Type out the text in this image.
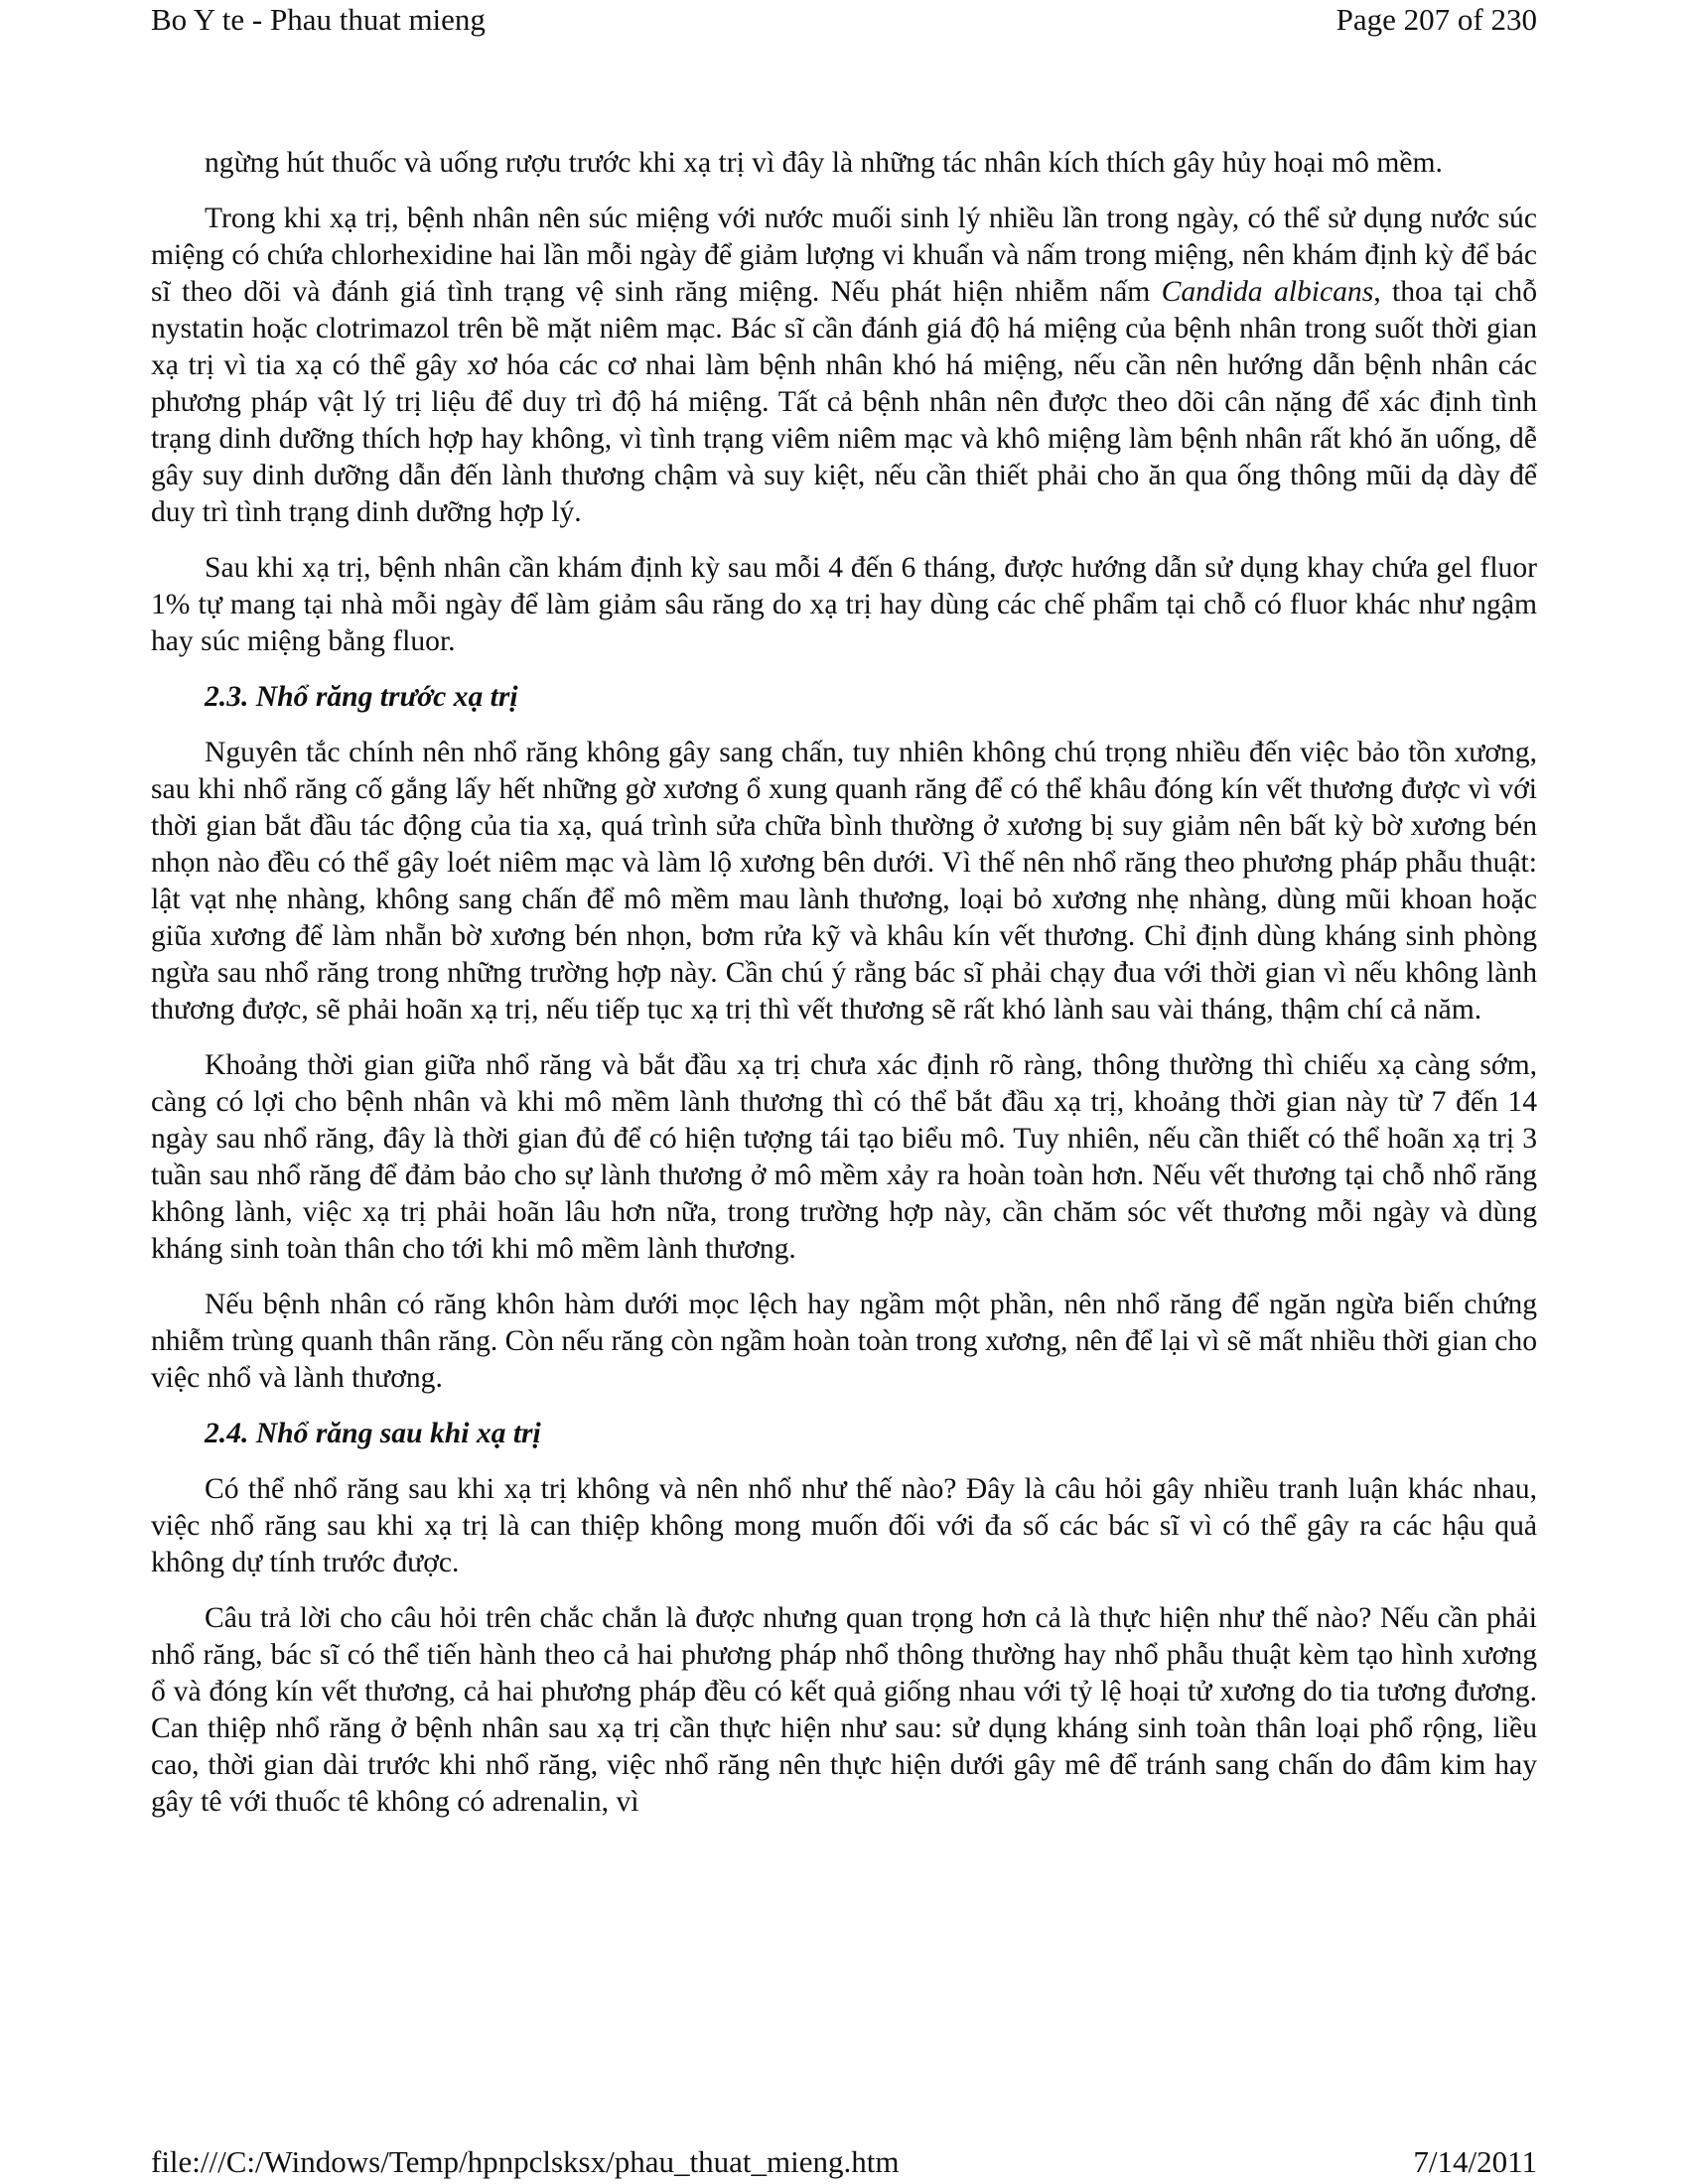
Bo Y te - Phau thuat mieng	Page 207 of 230

ngừng hút thuốc và uống rượu trước khi xạ trị vì đây là những tác nhân kích thích gây hủy hoại mô mềm.

Trong khi xạ trị, bệnh nhân nên súc miệng với nước muối sinh lý nhiều lần trong ngày, có thể sử dụng nước súc miệng có chứa chlorhexidine hai lần mỗi ngày để giảm lượng vi khuẩn và nấm trong miệng, nên khám định kỳ để bác sĩ theo dõi và đánh giá tình trạng vệ sinh răng miệng. Nếu phát hiện nhiễm nấm Candida albicans, thoa tại chỗ nystatin hoặc clotrimazol trên bề mặt niêm mạc. Bác sĩ cần đánh giá độ há miệng của bệnh nhân trong suốt thời gian xạ trị vì tia xạ có thể gây xơ hóa các cơ nhai làm bệnh nhân khó há miệng, nếu cần nên hướng dẫn bệnh nhân các phương pháp vật lý trị liệu để duy trì độ há miệng. Tất cả bệnh nhân nên được theo dõi cân nặng để xác định tình trạng dinh dưỡng thích hợp hay không, vì tình trạng viêm niêm mạc và khô miệng làm bệnh nhân rất khó ăn uống, dễ gây suy dinh dưỡng dẫn đến lành thương chậm và suy kiệt, nếu cần thiết phải cho ăn qua ống thông mũi dạ dày để duy trì tình trạng dinh dưỡng hợp lý.

Sau khi xạ trị, bệnh nhân cần khám định kỳ sau mỗi 4 đến 6 tháng, được hướng dẫn sử dụng khay chứa gel fluor 1% tự mang tại nhà mỗi ngày để làm giảm sâu răng do xạ trị hay dùng các chế phẩm tại chỗ có fluor khác như ngậm hay súc miệng bằng fluor.

2.3. Nhổ răng trước xạ trị

Nguyên tắc chính nên nhổ răng không gây sang chấn, tuy nhiên không chú trọng nhiều đến việc bảo tồn xương, sau khi nhổ răng cố gắng lấy hết những gờ xương ổ xung quanh răng để có thể khâu đóng kín vết thương được vì với thời gian bắt đầu tác động của tia xạ, quá trình sửa chữa bình thường ở xương bị suy giảm nên bất kỳ bờ xương bén nhọn nào đều có thể gây loét niêm mạc và làm lộ xương bên dưới. Vì thế nên nhổ răng theo phương pháp phẫu thuật: lật vạt nhẹ nhàng, không sang chấn để mô mềm mau lành thương, loại bỏ xương nhẹ nhàng, dùng mũi khoan hoặc giũa xương để làm nhẵn bờ xương bén nhọn, bơm rửa kỹ và khâu kín vết thương. Chỉ định dùng kháng sinh phòng ngừa sau nhổ răng trong những trường hợp này. Cần chú ý rằng bác sĩ phải chạy đua với thời gian vì nếu không lành thương được, sẽ phải hoãn xạ trị, nếu tiếp tục xạ trị thì vết thương sẽ rất khó lành sau vài tháng, thậm chí cả năm.

Khoảng thời gian giữa nhổ răng và bắt đầu xạ trị chưa xác định rõ ràng, thông thường thì chiếu xạ càng sớm, càng có lợi cho bệnh nhân và khi mô mềm lành thương thì có thể bắt đầu xạ trị, khoảng thời gian này từ 7 đến 14 ngày sau nhổ răng, đây là thời gian đủ để có hiện tượng tái tạo biểu mô. Tuy nhiên, nếu cần thiết có thể hoãn xạ trị 3 tuần sau nhổ răng để đảm bảo cho sự lành thương ở mô mềm xảy ra hoàn toàn hơn. Nếu vết thương tại chỗ nhổ răng không lành, việc xạ trị phải hoãn lâu hơn nữa, trong trường hợp này, cần chăm sóc vết thương mỗi ngày và dùng kháng sinh toàn thân cho tới khi mô mềm lành thương.

Nếu bệnh nhân có răng khôn hàm dưới mọc lệch hay ngầm một phần, nên nhổ răng để ngăn ngừa biến chứng nhiễm trùng quanh thân răng. Còn nếu răng còn ngầm hoàn toàn trong xương, nên để lại vì sẽ mất nhiều thời gian cho việc nhổ và lành thương.

2.4. Nhổ răng sau khi xạ trị

Có thể nhổ răng sau khi xạ trị không và nên nhổ như thế nào? Đây là câu hỏi gây nhiều tranh luận khác nhau, việc nhổ răng sau khi xạ trị là can thiệp không mong muốn đối với đa số các bác sĩ vì có thể gây ra các hậu quả không dự tính trước được.

Câu trả lời cho câu hỏi trên chắc chắn là được nhưng quan trọng hơn cả là thực hiện như thế nào? Nếu cần phải nhổ răng, bác sĩ có thể tiến hành theo cả hai phương pháp nhổ thông thường hay nhổ phẫu thuật kèm tạo hình xương ổ và đóng kín vết thương, cả hai phương pháp đều có kết quả giống nhau với tỷ lệ hoại tử xương do tia tương đương. Can thiệp nhổ răng ở bệnh nhân sau xạ trị cần thực hiện như sau: sử dụng kháng sinh toàn thân loại phổ rộng, liều cao, thời gian dài trước khi nhổ răng, việc nhổ răng nên thực hiện dưới gây mê để tránh sang chấn do đâm kim hay gây tê với thuốc tê không có adrenalin, vì

file:///C:/Windows/Temp/hpnpclsksx/phau_thuat_mieng.htm	7/14/2011
